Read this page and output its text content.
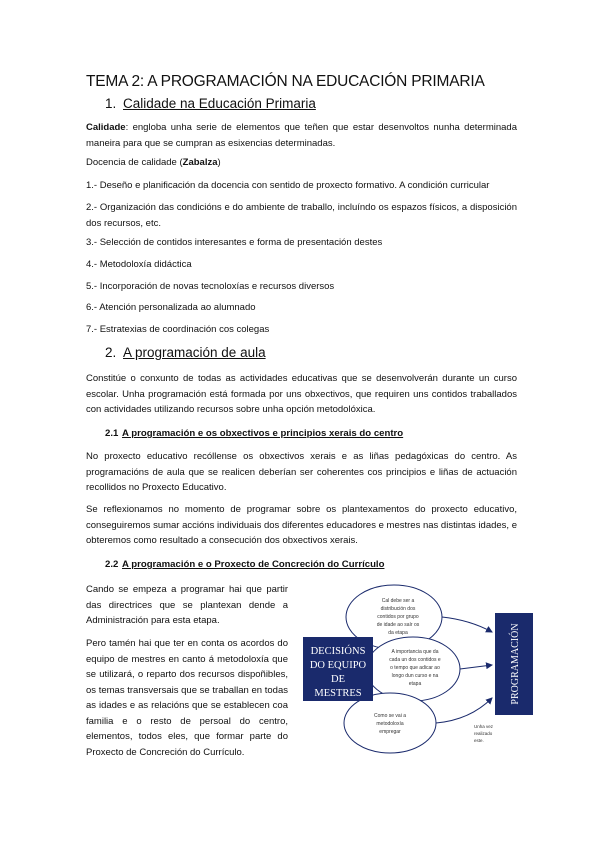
TEMA 2: A PROGRAMACIÓN NA EDUCACIÓN PRIMARIA
1. Calidade na Educación Primaria
Calidade: engloba unha serie de elementos que teñen que estar desenvoltos nunha determinada maneira para que se cumpran as esixencias determinadas.
Docencia de calidade (Zabalza)
1.- Deseño e planificación da docencia con sentido de proxecto formativo. A condición curricular
2.- Organización das condicións e do ambiente de traballo, incluíndo os espazos físicos, a disposición dos recursos, etc.
3.- Selección de contidos interesantes e forma de presentación destes
4.- Metodoloxía didáctica
5.- Incorporación de novas tecnoloxías e recursos diversos
6.- Atención personalizada ao alumnado
7.- Estratexias de coordinación cos colegas
2. A programación de aula
Constitúe o conxunto de todas as actividades educativas que se desenvolverán durante un curso escolar. Unha programación está formada por uns obxectivos, que requiren uns contidos traballados con actividades utilizando recursos sobre unha opción metodolóxica.
2.1 A programación e os obxectivos e principios xerais do centro
No proxecto educativo recóllense os obxectivos xerais e as liñas pedagóxicas do centro. As programacións de aula que se realicen deberían ser coherentes cos principios e liñas de actuación recollidos no Proxecto Educativo.
Se reflexionamos no momento de programar sobre os plantexamentos do proxecto educativo, conseguiremos sumar accións individuais dos diferentes educadores e mestres nas distintas idades, e obteremos como resultado a consecución dos obxectivos xerais.
2.2 A programación e o Proxecto de Concreción do Currículo
Cando se empeza a programar hai que partir das directrices que se plantexan dende a Administración para esta etapa.
Pero tamén hai que ter en conta os acordos do equipo de mestres en canto á metodoloxía que se utilizará, o reparto dos recursos dispoñibles, os temas transversais que se traballan en todas as idades e as relacións que se establecen coa familia e o resto de persoal do centro, elementos, todos eles, que formar parte do Proxecto de Concreción do Currículo.
DECISIÓNS
DO EQUIPO
DE
MESTRES	PROGRAMACIÓN
Cal debe ser a
distribución dos
contidos por grupo
de idade ao saír os
da etapa
A importancia que da
cada un dos contidos e
o tempo que adicar ao
longo dun curso e na
etapa
Como se vai a
metodoloxía
empregar
Unha vez
realizado
este.
